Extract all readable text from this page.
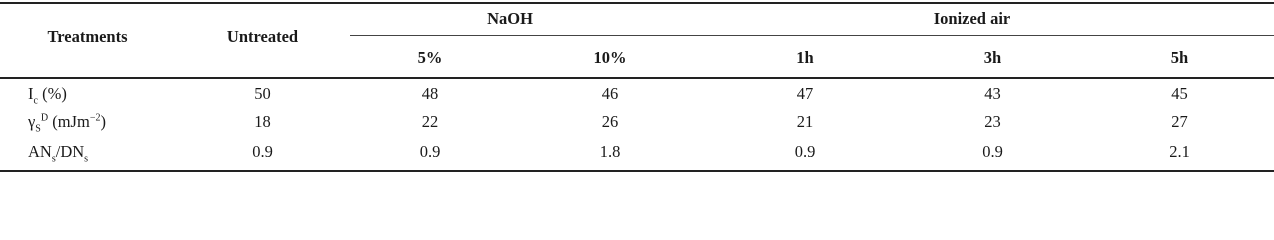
Treatments	Untreated
NaOH	Ionized air
5%	10%	1h	3h	5h
$I_c$ (%)	50	48	46	47	43	45
$\gamma_S^D$ (mJm$^{-2}$)	18	22	26	21	23	27
$AN_s/DN_s$	0.9	0.9	1.8	0.9	0.9	2.1
